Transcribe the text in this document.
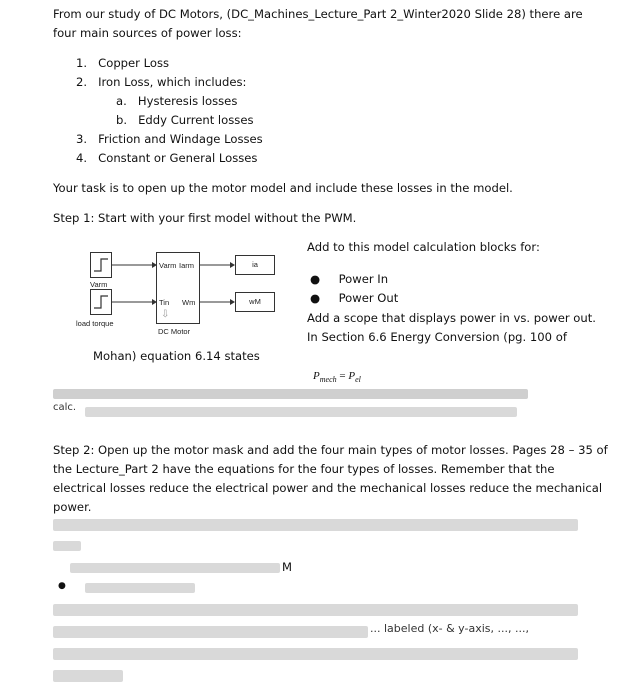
From our study of DC Motors, (DC_Machines_Lecture_Part 2_Winter2020 Slide 28) there are
four main sources of power loss:
1. Copper Loss
2. Iron Loss, which includes:
a. Hysteresis losses
b. Eddy Current losses
3. Friction and Windage Losses
4. Constant or General Losses
Your task is to open up the motor model and include these losses in the model.
Step 1: Start with your first model without the PWM.
Varm
load torque
Varm Iarm
Tin Wm
⇩
DC Motor
ia
wM
Add to this model calculation blocks for:
● Power In
● Power Out
Add a scope that displays power in vs. power out.
In Section 6.6 Energy Conversion (pg. 100 of
Mohan) equation 6.14 states
$P_{mech} = P_{el}$
calc.
Step 2: Open up the motor mask and add the four main types of motor losses. Pages 28 – 35 of
the Lecture_Part 2 have the equations for the four types of losses. Remember that the
electrical losses reduce the electrical power and the mechanical losses reduce the mechanical
power.
M
●
... labeled (x- & y-axis, ..., ...,
